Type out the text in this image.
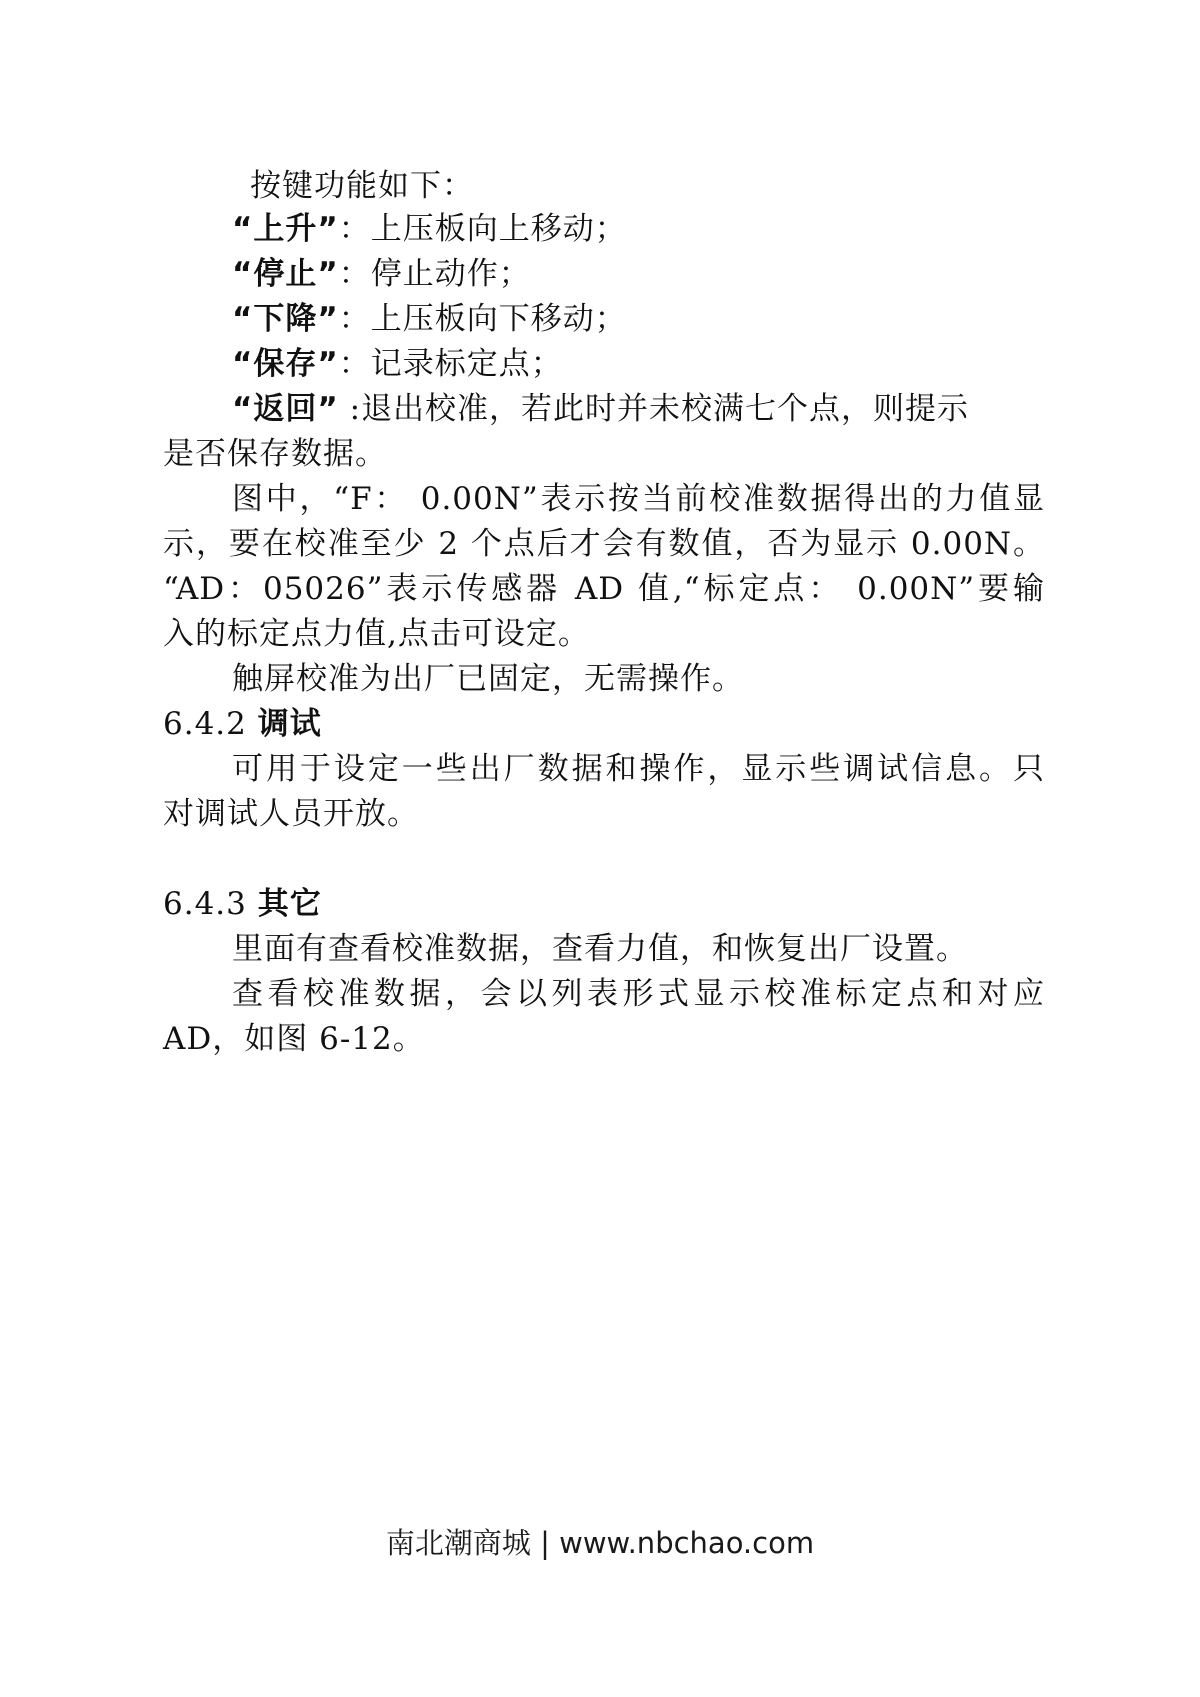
按键功能如下：
“上升”：上压板向上移动；
“停止”：停止动作；
“下降”：上压板向下移动；
“保存”：记录标定点；
“返回” :退出校准，若此时并未校满七个点，则提示
是否保存数据。
图中，“F： 0.00N”表示按当前校准数据得出的力值显
示，要在校准至少 2 个点后才会有数值，否为显示 0.00N。
“AD：05026”表示传感器 AD 值,“标定点： 0.00N”要输
入的标定点力值,点击可设定。
触屏校准为出厂已固定，无需操作。
6.4.2 调试
可用于设定一些出厂数据和操作，显示些调试信息。只
对调试人员开放。
6.4.3 其它
里面有查看校准数据，查看力值，和恢复出厂设置。
查看校准数据，会以列表形式显示校准标定点和对应
AD，如图 6-12。
南北潮商城 | www.nbchao.com
